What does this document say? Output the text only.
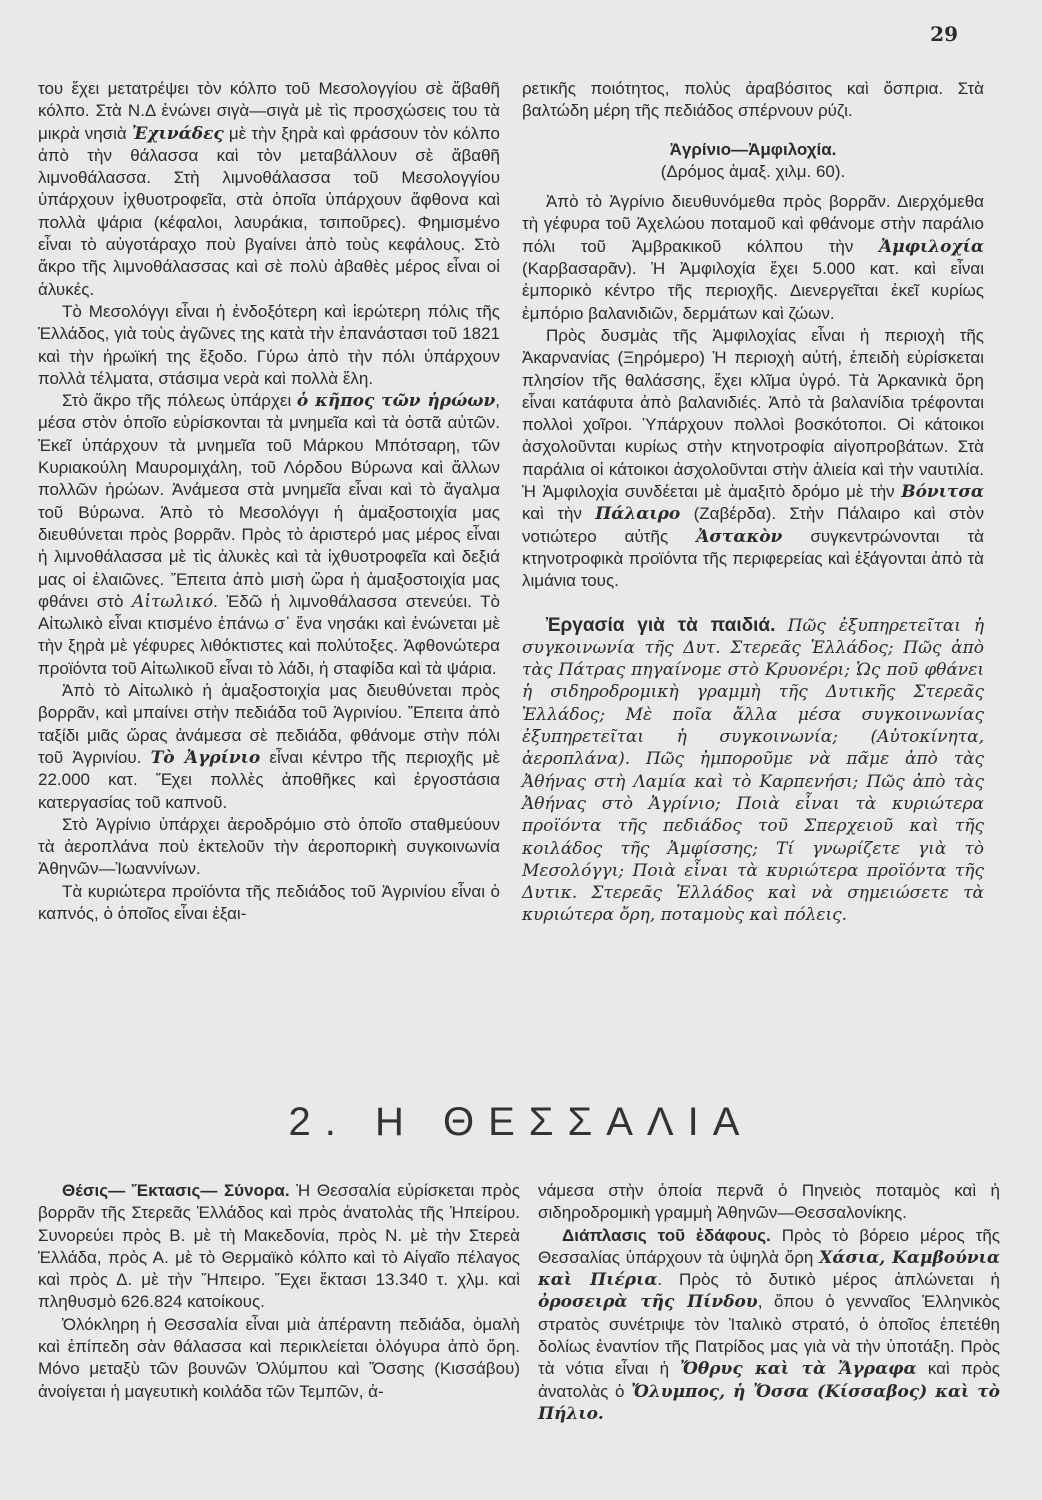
29

του ἔχει μετατρέψει τὸν κόλπο τοῦ Μεσολογγίου σὲ ἄβαθῆ κόλπο. Στὰ Ν.Δ ἑνώνει σιγὰ—σιγὰ μὲ τὶς προσχώσεις του τὰ μικρὰ νησιὰ Ἐχινάδες μὲ τὴν ξηρὰ καὶ φράσουν τὸν κόλπο ἀπὸ τὴν θάλασσα καὶ τὸν μεταβάλλουν σὲ ἄβαθῆ λιμνοθάλασσα. Στὴ λιμνοθάλασσα τοῦ Μεσολογγίου ὑπάρχουν ἰχθυοτροφεῖα, στὰ ὁποῖα ὑπάρχουν ἄφθονα καὶ πολλὰ ψάρια (κέφαλοι, λαυράκια, τσιποῦρες). Φημισμένο εἶναι τὸ αὐγοτάραχο ποὺ βγαίνει ἀπὸ τοὺς κεφάλους. Στὸ ἄκρο τῆς λιμνοθάλασσας καὶ σὲ πολὺ ἀβαθὲς μέρος εἶναι οἱ ἁλυκές.

Τὸ Μεσολόγγι εἶναι ἡ ἐνδοξότερη καὶ ἱερώτερη πόλις τῆς Ἑλλάδος, γιὰ τοὺς ἀγῶνες της κατὰ τὴν ἐπανάστασι τοῦ 1821 καὶ τὴν ἡρωϊκή της ἔξοδο. Γύρω ἀπὸ τὴν πόλι ὑπάρχουν πολλὰ τέλματα, στάσιμα νερὰ καὶ πολλὰ ἕλη.

Στὸ ἄκρο τῆς πόλεως ὑπάρχει ὁ κῆπος τῶν ἡρώων, μέσα στὸν ὁποῖο εὑρίσκονται τὰ μνημεῖα καὶ τὰ ὀστᾶ αὐτῶν. Ἐκεῖ ὑπάρχουν τὰ μνημεῖα τοῦ Μάρκου Μπότσαρη, τῶν Κυριακούλη Μαυρομιχάλη, τοῦ Λόρδου Βύρωνα καὶ ἄλλων πολλῶν ἡρώων. Ἀνάμεσα στὰ μνημεῖα εἶναι καὶ τὸ ἄγαλμα τοῦ Βύρωνα. Ἀπὸ τὸ Μεσολόγγι ἡ ἁμαξοστοιχία μας διευθύνεται πρὸς βορρᾶν. Πρὸς τὸ ἀριστερό μας μέρος εἶναι ἡ λιμνοθάλασσα μὲ τὶς ἁλυκὲς καὶ τὰ ἰχθυοτροφεῖα καὶ δεξιά μας οἱ ἐλαιῶνες. Ἔπειτα ἀπὸ μισὴ ὥρα ἡ ἁμαξοστοιχία μας φθάνει στὸ Αἰτωλικό. Ἐδῶ ἡ λιμνοθάλασσα στενεύει. Τὸ Αἰτωλικὸ εἶναι κτισμένο ἐπάνω σ᾽ ἕνα νησάκι καὶ ἑνώνεται μὲ τὴν ξηρὰ μὲ γέφυρες λιθόκτιστες καὶ πολύτοξες. Ἀφθονώτερα προϊόντα τοῦ Αἰτωλικοῦ εἶναι τὸ λάδι, ἡ σταφίδα καὶ τὰ ψάρια.

Ἀπὸ τὸ Αἰτωλικὸ ἡ ἁμαξοστοιχία μας διευθύνεται πρὸς βορρᾶν, καὶ μπαίνει στὴν πεδιάδα τοῦ Ἀγρινίου. Ἔπειτα ἀπὸ ταξίδι μιᾶς ὥρας ἀνάμεσα σὲ πεδιάδα, φθάνομε στὴν πόλι τοῦ Ἀγρινίου. Τὸ Ἀγρίνιο εἶναι κέντρο τῆς περιοχῆς μὲ 22.000 κατ. Ἔχει πολλὲς ἀποθῆκες καὶ ἐργοστάσια κατεργασίας τοῦ καπνοῦ.

Στὸ Ἀγρίνιο ὑπάρχει ἀεροδρόμιο στὸ ὁποῖο σταθμεύουν τὰ ἀεροπλάνα ποὺ ἐκτελοῦν τὴν ἀεροπορικὴ συγκοινωνία Ἀθηνῶν—Ἰωαννίνων.

Τὰ κυριώτερα προϊόντα τῆς πεδιάδος τοῦ Ἀγρινίου εἶναι ὁ καπνός, ὁ ὁποῖος εἶναι ἐξαι-

ρετικῆς ποιότητος, πολὺς ἀραβόσιτος καὶ ὄσπρια. Στὰ βαλτώδη μέρη τῆς πεδιάδος σπέρνουν ρύζι.

Ἀγρίνιο—Ἀμφιλοχία.

(Δρόμος ἁμαξ. χιλμ. 60).

Ἀπὸ τὸ Ἀγρίνιο διευθυνόμεθα πρὸς βορρᾶν. Διερχόμεθα τὴ γέφυρα τοῦ Ἀχελώου ποταμοῦ καὶ φθάνομε στὴν παράλιο πόλι τοῦ Ἀμβρακικοῦ κόλπου τὴν Ἀμφιλοχία (Καρβασαρᾶν). Ἡ Ἀμφιλοχία ἔχει 5.000 κατ. καὶ εἶναι ἐμπορικὸ κέντρο τῆς περιοχῆς. Διενεργεῖται ἐκεῖ κυρίως ἐμπόριο βαλανιδιῶν, δερμάτων καὶ ζώων.

Πρὸς δυσμὰς τῆς Ἀμφιλοχίας εἶναι ἡ περιοχὴ τῆς Ἀκαρνανίας (Ξηρόμερο) Ἡ περιοχὴ αὐτή, ἐπειδὴ εὑρίσκεται πλησίον τῆς θαλάσσης, ἔχει κλῖμα ὑγρό. Τὰ Ἀρκανικὰ ὄρη εἶναι κατάφυτα ἀπὸ βαλανιδιές. Ἀπὸ τὰ βαλανίδια τρέφονται πολλοὶ χοῖροι. Ὑπάρχουν πολλοὶ βοσκότοποι. Οἱ κάτοικοι ἀσχολοῦνται κυρίως στὴν κτηνοτροφία αἰγοπροβάτων. Στὰ παράλια οἱ κάτοικοι ἀσχολοῦνται στὴν ἁλιεία καὶ τὴν ναυτιλία. Ἡ Ἀμφιλοχία συνδέεται μὲ ἁμαξιτὸ δρόμο μὲ τὴν Βόνιτσα καὶ τὴν Πάλαιρο (Ζαβέρδα). Στὴν Πάλαιρο καὶ στὸν νοτιώτερο αὐτῆς Ἀστακὸν συγκεντρώνονται τὰ κτηνοτροφικὰ προϊόντα τῆς περιφερείας καὶ ἐξάγονται ἀπὸ τὰ λιμάνια τους.

Ἐργασία γιὰ τὰ παιδιά. Πῶς ἐξυπηρετεῖται ἡ συγκοινωνία τῆς Δυτ. Στερεᾶς Ἑλλάδος; Πῶς ἀπὸ τὰς Πάτρας πηγαίνομε στὸ Κρυονέρι; Ὡς ποῦ φθάνει ἡ σιδηροδρομικὴ γραμμὴ τῆς Δυτικῆς Στερεᾶς Ἑλλάδος; Μὲ ποῖα ἄλλα μέσα συγκοινωνίας ἐξυπηρετεῖται ἡ συγκοινωνία; (Αὐτοκίνητα, ἀεροπλάνα). Πῶς ἠμποροῦμε νὰ πᾶμε ἀπὸ τὰς Ἀθήνας στὴ Λαμία καὶ τὸ Καρπενήσι; Πῶς ἀπὸ τὰς Ἀθήνας στὸ Ἀγρίνιο; Ποιὰ εἶναι τὰ κυριώτερα προϊόντα τῆς πεδιάδος τοῦ Σπερχειοῦ καὶ τῆς κοιλάδος τῆς Ἀμφίσσης; Τί γνωρίζετε γιὰ τὸ Μεσολόγγι; Ποιὰ εἶναι τὰ κυριώτερα προϊόντα τῆς Δυτικ. Στερεᾶς Ἑλλάδος καὶ νὰ σημειώσετε τὰ κυριώτερα ὄρη, ποταμοὺς καὶ πόλεις.

2. Η ΘΕΣΣΑΛΙΑ

Θέσις— Ἔκτασις— Σύνορα. Ἡ Θεσσαλία εὑρίσκεται πρὸς βορρᾶν τῆς Στερεᾶς Ἑλλάδος καὶ πρὸς ἀνατολὰς τῆς Ἠπείρου. Συνορεύει πρὸς Β. μὲ τὴ Μακεδονία, πρὸς Ν. μὲ τὴν Στερεὰ Ἑλλάδα, πρὸς Α. μὲ τὸ Θερμαϊκὸ κόλπο καὶ τὸ Αἰγαῖο πέλαγος καὶ πρὸς Δ. μὲ τὴν Ἤπειρο. Ἔχει ἔκτασι 13.340 τ. χλμ. καὶ πληθυσμὸ 626.824 κατοίκους.

Ὁλόκληρη ἡ Θεσσαλία εἶναι μιὰ ἀπέραντη πεδιάδα, ὁμαλὴ καὶ ἐπίπεδη σὰν θάλασσα καὶ περικλείεται ὁλόγυρα ἀπὸ ὄρη. Μόνο μεταξὺ τῶν βουνῶν Ὀλύμπου καὶ Ὄσσης (Κισσάβου) ἀνοίγεται ἡ μαγευτικὴ κοιλάδα τῶν Τεμπῶν, ἀ-

νάμεσα στὴν ὁποία περνᾶ ὁ Πηνειὸς ποταμὸς καὶ ἡ σιδηροδρομικὴ γραμμὴ Ἀθηνῶν—Θεσσαλονίκης.

Διάπλασις τοῦ ἐδάφους. Πρὸς τὸ βόρειο μέρος τῆς Θεσσαλίας ὑπάρχουν τὰ ὑψηλὰ ὄρη Χάσια, Καμβούνια καὶ Πιέρια. Πρὸς τὸ δυτικὸ μέρος ἁπλώνεται ἡ ὀροσειρὰ τῆς Πίνδου, ὅπου ὁ γενναῖος Ἑλληνικὸς στρατὸς συνέτριψε τὸν Ἰταλικὸ στρατό, ὁ ὁποῖος ἐπετέθη δολίως ἐναντίον τῆς Πατρίδος μας γιὰ νὰ τὴν ὑποτάξη. Πρὸς τὰ νότια εἶναι ἡ Ὄθρυς καὶ τὰ Ἄγραφα καὶ πρὸς ἀνατολὰς ὁ Ὄλυμπος, ἡ Ὄσσα (Κίσσαβος) καὶ τὸ Πήλιο.
